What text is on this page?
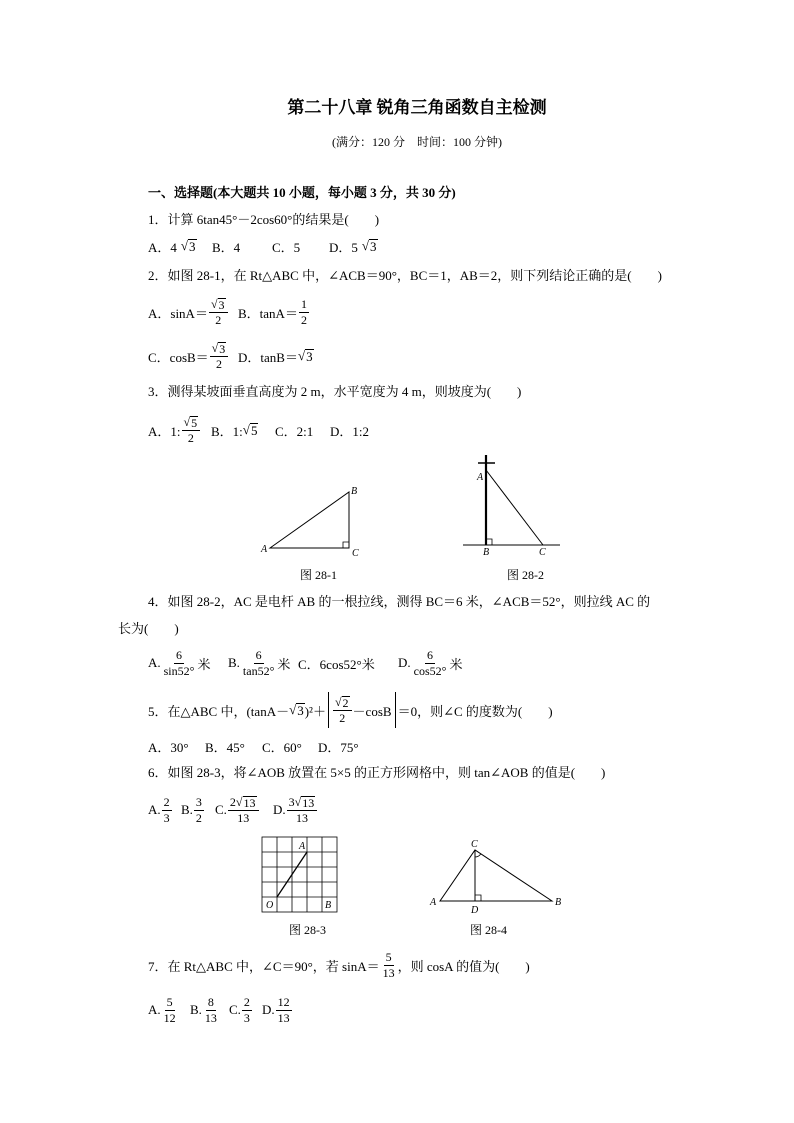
第二十八章 锐角三角函数自主检测
(满分：120 分　时间：100 分钟)
一、选择题(本大题共 10 小题，每小题 3 分，共 30 分)
1．计算 6tan45°－2cos60°的结果是(　　)
A．4 √ 3 B．4 C．5 D．5 √ 3
2．如图 28-1，在 Rt△ABC 中，∠ACB＝90°，BC＝1，AB＝2，则下列结论正确的是(　　)
A．$\sin A= \frac{√ 3}{2}$ B．$\tan A= \frac{1}{2}$
C．$\cos B= \frac{√ 3}{2}$ D．tanB＝ √ 3
3．测得某坡面垂直高度为 2 m，水平宽度为 4 m，则坡度为(　　)
A．1: $\frac{√ 5}{2}$ B．1: √ 5 C．2:1 D．1:2
A
B
C
图 28-1
A
B	C
图 28-2
4．如图 28-2，AC 是电杆 AB 的一根拉线，测得 BC＝6 米，∠ACB＝52°，则拉线 AC 的
长为(　　)
A. $\frac{6}{\sin 52^\circ}$ 米 B. $\frac{6}{\tan 52^\circ}$ 米 C．6cos52°米 D. $\frac{6}{\cos 52^\circ}$ 米
5．在△ABC 中，(tanA－ √ 3 )$^2+ \frac{√ 2}{2} -\cos B =0$，则∠C 的度数为(　　)
A．30° B．45° C．60° D．75°
6．如图 28-3，将∠AOB 放置在 5×5 的正方形网格中，则 tan∠AOB 的值是(　　)
A. $\frac{2}{3} B$. $\frac{3}{2} C$. $\frac{2 √ 13}{13} D$. $\frac{3 √ 13}{13}$
A
O	B
图 28-3
C
A	B
D
图 28-4
7．在 Rt△ABC 中，∠C＝90°，若 $\sin A= \frac{5}{13}$ ，则 cosA 的值为(　　)
A. $\frac{5}{12} B$. $\frac{8}{13} C$. $\frac{2}{3} D$. $\frac{12}{13}$
